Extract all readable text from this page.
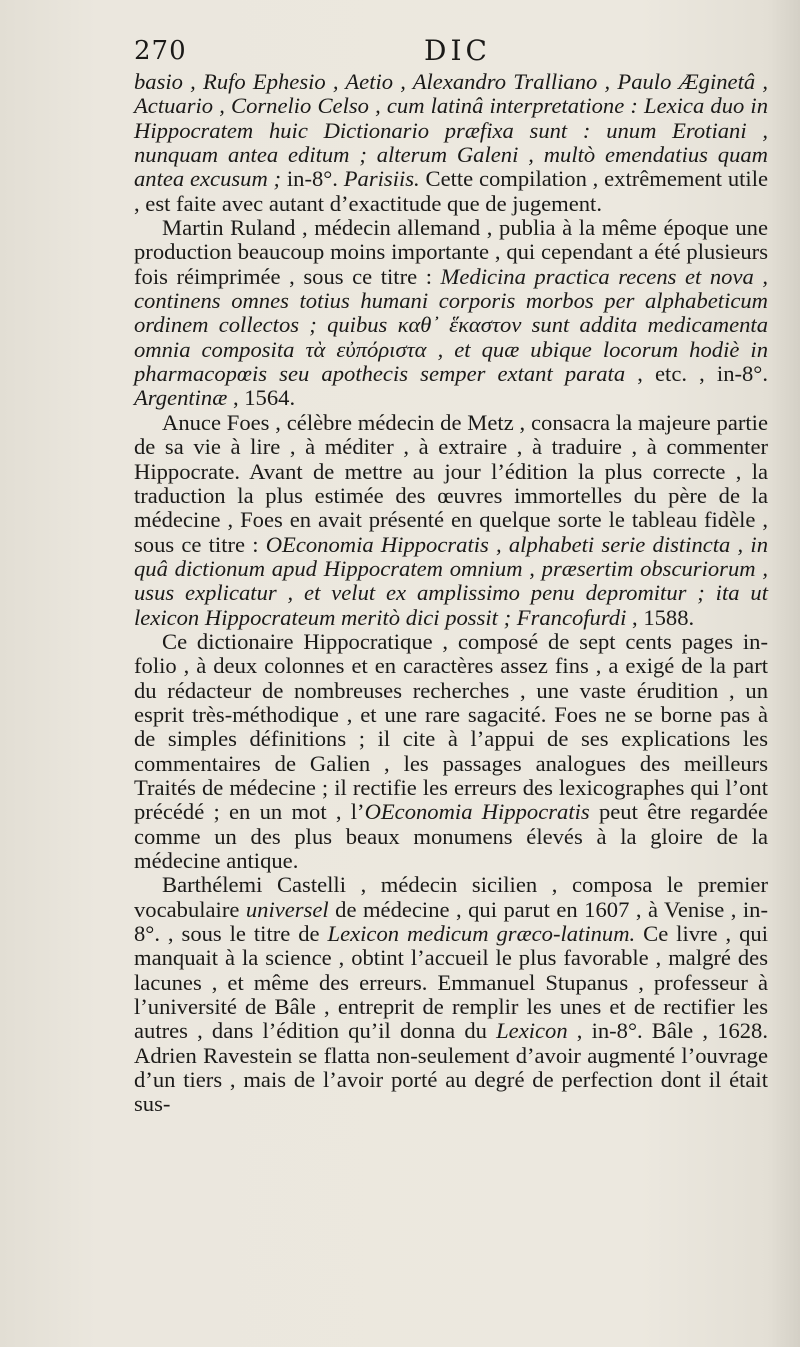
270	DIC

basio , Rufo Ephesio , Aetio , Alexandro Tralliano , Paulo Æginetâ , Actuario , Cornelio Celso , cum latinâ interpretatione : Lexica duo in Hippocratem huic Dictionario præfixa sunt : unum Erotiani , nunquam antea editum ; alterum Galeni , multò emendatius quam antea excusum ; in-8°. Parisiis. Cette compilation , extrêmement utile , est faite avec autant d’exactitude que de jugement.

Martin Ruland , médecin allemand , publia à la même époque une production beaucoup moins importante , qui cependant a été plusieurs fois réimprimée , sous ce titre : Medicina practica recens et nova , continens omnes totius humani corporis morbos per alphabeticum ordinem collectos ; quibus καθ᾽ ἕκαστον sunt addita medicamenta omnia composita τὰ εὐπόριστα , et quæ ubique locorum hodiè in pharmacopœis seu apothecis semper extant parata , etc. , in-8°. Argentinæ , 1564.

Anuce Foes , célèbre médecin de Metz , consacra la majeure partie de sa vie à lire , à méditer , à extraire , à traduire , à commenter Hippocrate. Avant de mettre au jour l’édition la plus correcte , la traduction la plus estimée des œuvres immortelles du père de la médecine , Foes en avait présenté en quelque sorte le tableau fidèle , sous ce titre : OEconomia Hippocratis , alphabeti serie distincta , in quâ dictionum apud Hippocratem omnium , præsertim obscuriorum , usus explicatur , et velut ex amplissimo penu depromitur ; ita ut lexicon Hippocrateum meritò dici possit ; Francofurdi , 1588.

Ce dictionaire Hippocratique , composé de sept cents pages in-folio , à deux colonnes et en caractères assez fins , a exigé de la part du rédacteur de nombreuses recherches , une vaste érudition , un esprit très-méthodique , et une rare sagacité. Foes ne se borne pas à de simples définitions ; il cite à l’appui de ses explications les commentaires de Galien , les passages analogues des meilleurs Traités de médecine ; il rectifie les erreurs des lexicographes qui l’ont précédé ; en un mot , l’OEconomia Hippocratis peut être regardée comme un des plus beaux monumens élevés à la gloire de la médecine antique.

Barthélemi Castelli , médecin sicilien , composa le premier vocabulaire universel de médecine , qui parut en 1607 , à Venise , in-8°. , sous le titre de Lexicon medicum græco-latinum. Ce livre , qui manquait à la science , obtint l’accueil le plus favorable , malgré des lacunes , et même des erreurs. Emmanuel Stupanus , professeur à l’université de Bâle , entreprit de remplir les unes et de rectifier les autres , dans l’édition qu’il donna du Lexicon , in-8°. Bâle , 1628. Adrien Ravestein se flatta non-seulement d’avoir augmenté l’ouvrage d’un tiers , mais de l’avoir porté au degré de perfection dont il était sus-
